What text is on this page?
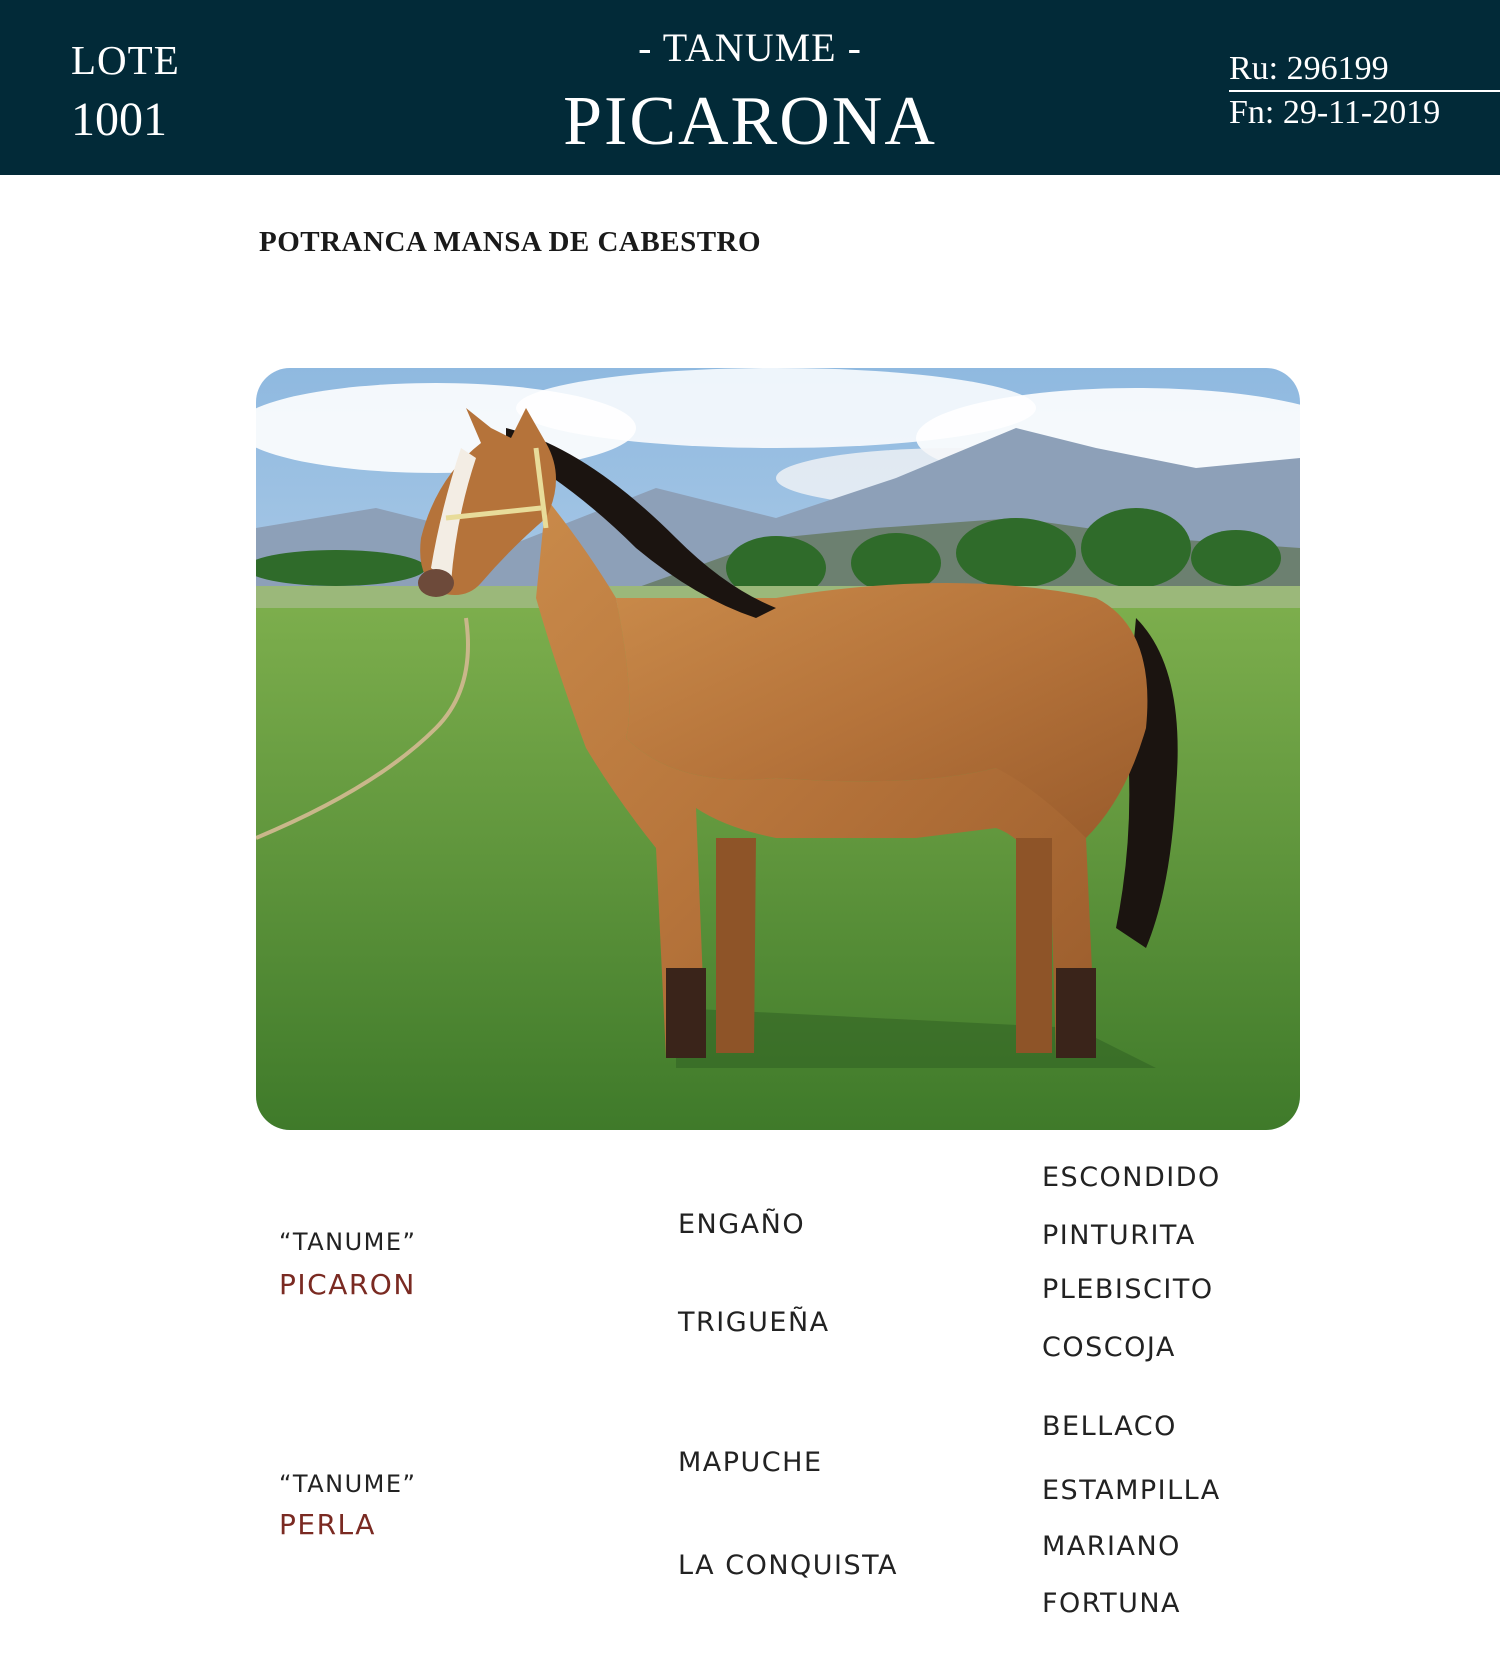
LOTE
1001
- TANUME -
PICARONA
Ru: 296199
Fn: 29-11-2019
POTRANCA MANSA DE CABESTRO
“TANUME”
PICARON
ENGAÑO
TRIGUEÑA
ESCONDIDO
PINTURITA
PLEBISCITO
COSCOJA
“TANUME”
PERLA
MAPUCHE
LA CONQUISTA
BELLACO
ESTAMPILLA
MARIANO
FORTUNA
